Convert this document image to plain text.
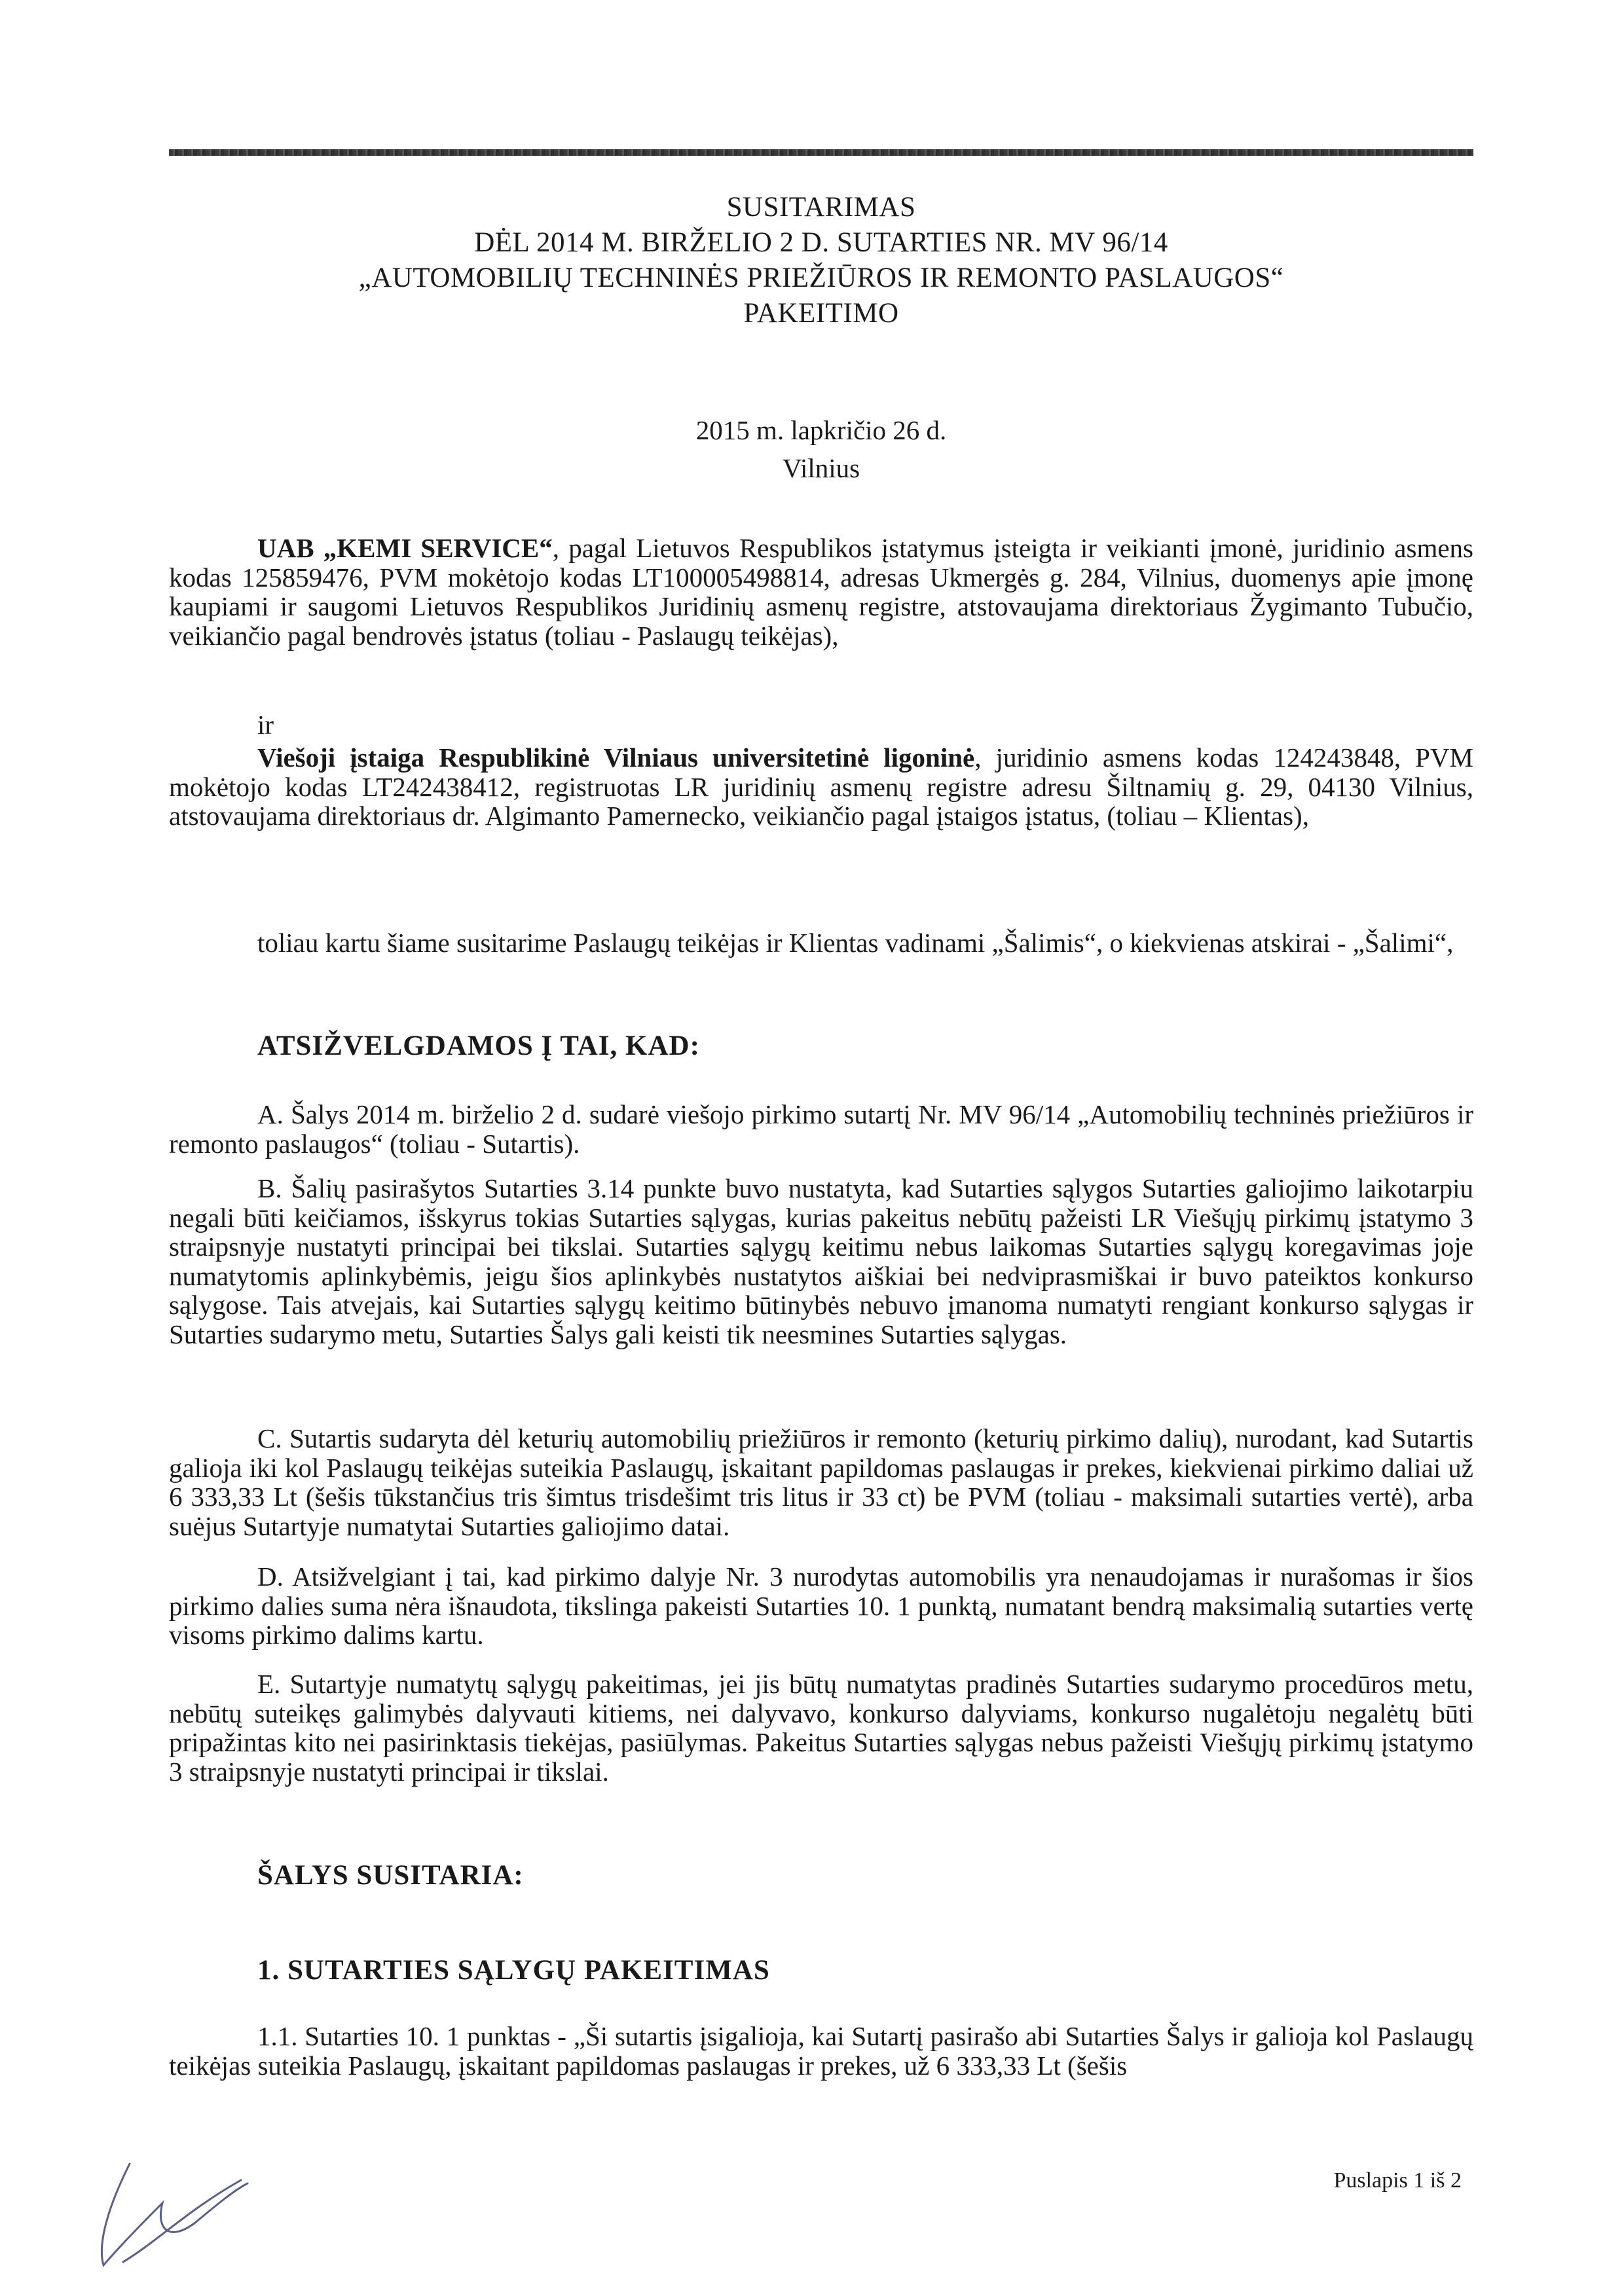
SUSITARIMAS
DĖL 2014 M. BIRŽELIO 2 D. SUTARTIES NR. MV 96/14
„AUTOMOBILIŲ TECHNINĖS PRIEŽIŪROS IR REMONTO PASLAUGOS“
PAKEITIMO
2015 m. lapkričio 26 d.
Vilnius

UAB „KEMI SERVICE“, pagal Lietuvos Respublikos įstatymus įsteigta ir veikianti įmonė, juridinio asmens kodas 125859476, PVM mokėtojo kodas LT100005498814, adresas Ukmergės g. 284, Vilnius, duomenys apie įmonę kaupiami ir saugomi Lietuvos Respublikos Juridinių asmenų registre, atstovaujama direktoriaus Žygimanto Tubučio, veikiančio pagal bendrovės įstatus (toliau - Paslaugų teikėjas),

ir

Viešoji įstaiga Respublikinė Vilniaus universitetinė ligoninė, juridinio asmens kodas 124243848, PVM mokėtojo kodas LT242438412, registruotas LR juridinių asmenų registre adresu Šiltnamių g. 29, 04130 Vilnius, atstovaujama direktoriaus dr. Algimanto Pamernecko, veikiančio pagal įstaigos įstatus, (toliau – Klientas),

toliau kartu šiame susitarime Paslaugų teikėjas ir Klientas vadinami „Šalimis“, o kiekvienas atskirai - „Šalimi“,

ATSIŽVELGDAMOS Į TAI, KAD:

A. Šalys 2014 m. birželio 2 d. sudarė viešojo pirkimo sutartį Nr. MV 96/14 „Automobilių techninės priežiūros ir remonto paslaugos“ (toliau - Sutartis).

B. Šalių pasirašytos Sutarties 3.14 punkte buvo nustatyta, kad Sutarties sąlygos Sutarties galiojimo laikotarpiu negali būti keičiamos, išskyrus tokias Sutarties sąlygas, kurias pakeitus nebūtų pažeisti LR Viešųjų pirkimų įstatymo 3 straipsnyje nustatyti principai bei tikslai. Sutarties sąlygų keitimu nebus laikomas Sutarties sąlygų koregavimas joje numatytomis aplinkybėmis, jeigu šios aplinkybės nustatytos aiškiai bei nedviprasmiškai ir buvo pateiktos konkurso sąlygose. Tais atvejais, kai Sutarties sąlygų keitimo būtinybės nebuvo įmanoma numatyti rengiant konkurso sąlygas ir Sutarties sudarymo metu, Sutarties Šalys gali keisti tik neesmines Sutarties sąlygas.

C. Sutartis sudaryta dėl keturių automobilių priežiūros ir remonto (keturių pirkimo dalių), nurodant, kad Sutartis galioja iki kol Paslaugų teikėjas suteikia Paslaugų, įskaitant papildomas paslaugas ir prekes, kiekvienai pirkimo daliai už 6 333,33 Lt (šešis tūkstančius tris šimtus trisdešimt tris litus ir 33 ct) be PVM (toliau - maksimali sutarties vertė), arba suėjus Sutartyje numatytai Sutarties galiojimo datai.

D. Atsižvelgiant į tai, kad pirkimo dalyje Nr. 3 nurodytas automobilis yra nenaudojamas ir nurašomas ir šios pirkimo dalies suma nėra išnaudota, tikslinga pakeisti Sutarties 10. 1 punktą, numatant bendrą maksimalią sutarties vertę visoms pirkimo dalims kartu.

E. Sutartyje numatytų sąlygų pakeitimas, jei jis būtų numatytas pradinės Sutarties sudarymo procedūros metu, nebūtų suteikęs galimybės dalyvauti kitiems, nei dalyvavo, konkurso dalyviams, konkurso nugalėtoju negalėtų būti pripažintas kito nei pasirinktasis tiekėjas, pasiūlymas. Pakeitus Sutarties sąlygas nebus pažeisti Viešųjų pirkimų įstatymo 3 straipsnyje nustatyti principai ir tikslai.

ŠALYS SUSITARIA:
1. SUTARTIES SĄLYGŲ PAKEITIMAS

1.1. Sutarties 10. 1 punktas - „Ši sutartis įsigalioja, kai Sutartį pasirašo abi Sutarties Šalys ir galioja kol Paslaugų teikėjas suteikia Paslaugų, įskaitant papildomas paslaugas ir prekes, už 6 333,33 Lt (šešis

Puslapis 1 iš 2
